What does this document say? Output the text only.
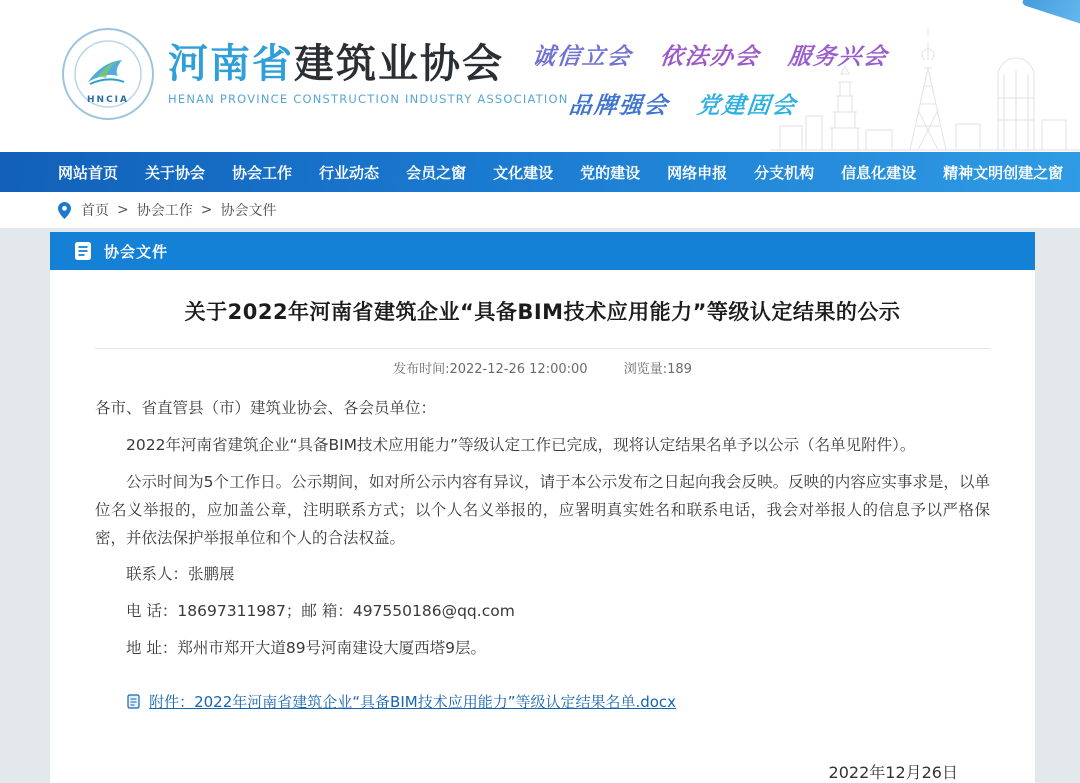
HNCIA
河南省建筑业协会
HENAN PROVINCE CONSTRUCTION INDUSTRY ASSOCIATION
诚信立会 依法办会 服务兴会
品牌强会 党建固会
网站首页 关于协会 协会工作 行业动态 会员之窗 文化建设 党的建设 网络申报 分支机构 信息化建设 精神文明创建之窗
首页 > 协会工作 > 协会文件
协会文件
关于2022年河南省建筑企业“具备BIM技术应用能力”等级认定结果的公示
发布时间:2022-12-26 12:00:00	浏览量:189

各市、省直管县（市）建筑业协会、各会员单位：

2022年河南省建筑企业“具备BIM技术应用能力”等级认定工作已完成，现将认定结果名单予以公示（名单见附件）。

公示时间为5个工作日。公示期间，如对所公示内容有异议，请于本公示发布之日起向我会反映。反映的内容应实事求是，以单位名义举报的，应加盖公章，注明联系方式；以个人名义举报的，应署明真实姓名和联系电话，我会对举报人的信息予以严格保密，并依法保护举报单位和个人的合法权益。

联系人：张鹏展

电 话：18697311987；邮 箱：497550186@qq.com

地 址：郑州市郑开大道89号河南建设大厦西塔9层。

附件：2022年河南省建筑企业“具备BIM技术应用能力”等级认定结果名单.docx
2022年12月26日
